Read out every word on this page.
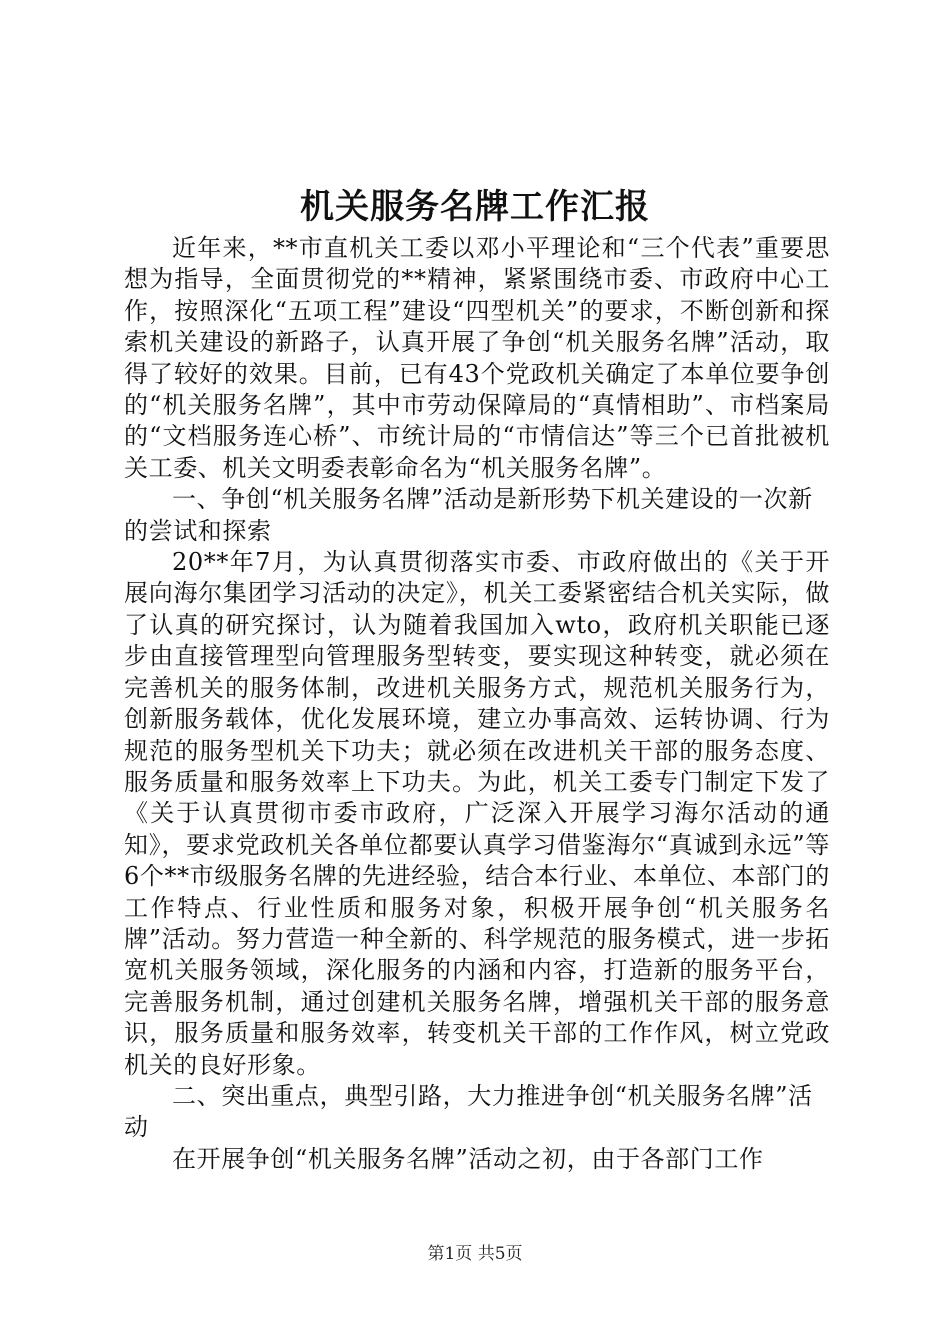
机关服务名牌工作汇报

近年来，**市直机关工委以邓小平理论和“三个代表”重要思想为指导，全面贯彻党的**精神，紧紧围绕市委、市政府中心工作，按照深化“五项工程”建设“四型机关”的要求，不断创新和探索机关建设的新路子，认真开展了争创“机关服务名牌”活动，取得了较好的效果。目前，已有43个党政机关确定了本单位要争创的“机关服务名牌”，其中市劳动保障局的“真情相助”、市档案局的“文档服务连心桥”、市统计局的“市情信达”等三个已首批被机关工委、机关文明委表彰命名为“机关服务名牌”。

一、争创“机关服务名牌”活动是新形势下机关建设的一次新的尝试和探索

20**年7月，为认真贯彻落实市委、市政府做出的《关于开展向海尔集团学习活动的决定》，机关工委紧密结合机关实际，做了认真的研究探讨，认为随着我国加入wto，政府机关职能已逐步由直接管理型向管理服务型转变，要实现这种转变，就必须在完善机关的服务体制，改进机关服务方式，规范机关服务行为，创新服务载体，优化发展环境，建立办事高效、运转协调、行为规范的服务型机关下功夫；就必须在改进机关干部的服务态度、服务质量和服务效率上下功夫。为此，机关工委专门制定下发了《关于认真贯彻市委市政府，广泛深入开展学习海尔活动的通知》，要求党政机关各单位都要认真学习借鉴海尔“真诚到永远”等6个**市级服务名牌的先进经验，结合本行业、本单位、本部门的工作特点、行业性质和服务对象，积极开展争创“机关服务名牌”活动。努力营造一种全新的、科学规范的服务模式，进一步拓宽机关服务领域，深化服务的内涵和内容，打造新的服务平台，完善服务机制，通过创建机关服务名牌，增强机关干部的服务意识，服务质量和服务效率，转变机关干部的工作作风，树立党政机关的良好形象。

二、突出重点，典型引路，大力推进争创“机关服务名牌”活动

在开展争创“机关服务名牌”活动之初，由于各部门工作

第1页 共5页
